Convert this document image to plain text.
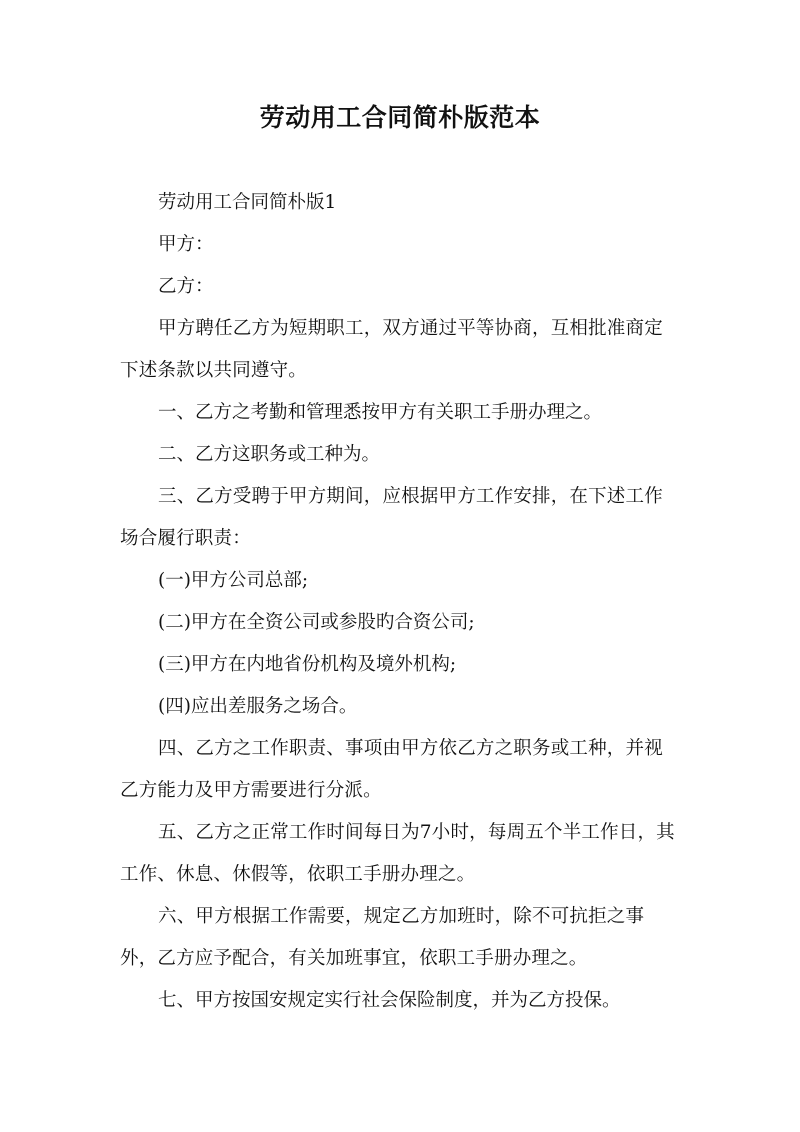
劳动用工合同简朴版范本

劳动用工合同简朴版1

甲方：

乙方：

甲方聘任乙方为短期职工，双方通过平等协商，互相批准商定下述条款以共同遵守。

一、乙方之考勤和管理悉按甲方有关职工手册办理之。

二、乙方这职务或工种为。

三、乙方受聘于甲方期间，应根据甲方工作安排，在下述工作场合履行职责：

(一)甲方公司总部;

(二)甲方在全资公司或参股旳合资公司;

(三)甲方在内地省份机构及境外机构;

(四)应出差服务之场合。

四、乙方之工作职责、事项由甲方依乙方之职务或工种，并视乙方能力及甲方需要进行分派。

五、乙方之正常工作时间每日为7小时，每周五个半工作日，其工作、休息、休假等，依职工手册办理之。

六、甲方根据工作需要，规定乙方加班时，除不可抗拒之事外，乙方应予配合，有关加班事宜，依职工手册办理之。

七、甲方按国安规定实行社会保险制度，并为乙方投保。
